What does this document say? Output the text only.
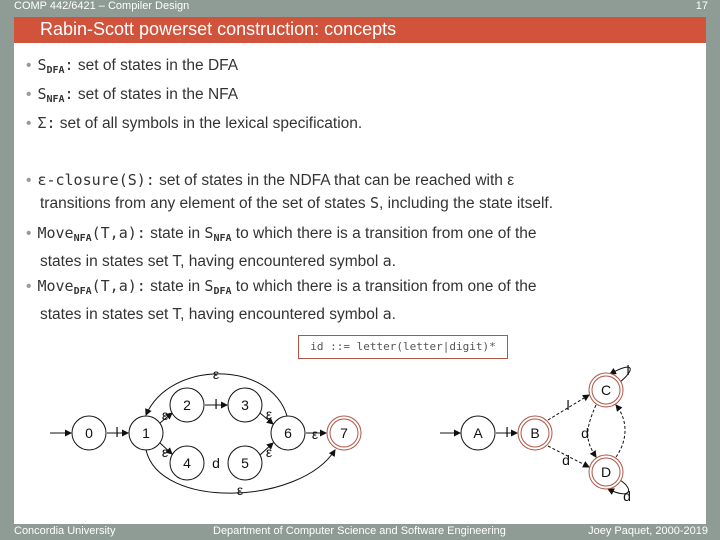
COMP 442/6421 – Compiler Design	17
Rabin-Scott powerset construction: concepts
• $S_{DFA}$: set of states in the DFA
• $S_{NFA}$: set of states in the NFA
• Σ: set of all symbols in the lexical specification.
• ε-closure(S): set of states in the NDFA that can be reached with ε
transitions from any element of the set of states S, including the state itself.
• Move$_{NFA}$(T,a): state in $S_{NFA}$ to which there is a transition from one of the
states in states set T, having encountered symbol a.
• Move$_{DFA}$(T,a): state in $S_{DFA}$ to which there is a transition from one of the
states in states set T, having encountered symbol a.
id ::= letter(letter|digit)*
0	1
2	3
4	5
6	7
l
l
d
ε
ε
ε
ε
ε
ε
ε
A	B
C
D
l
l
d
d
l
d
Concordia University	Department of Computer Science and Software Engineering	Joey Paquet, 2000-2019
